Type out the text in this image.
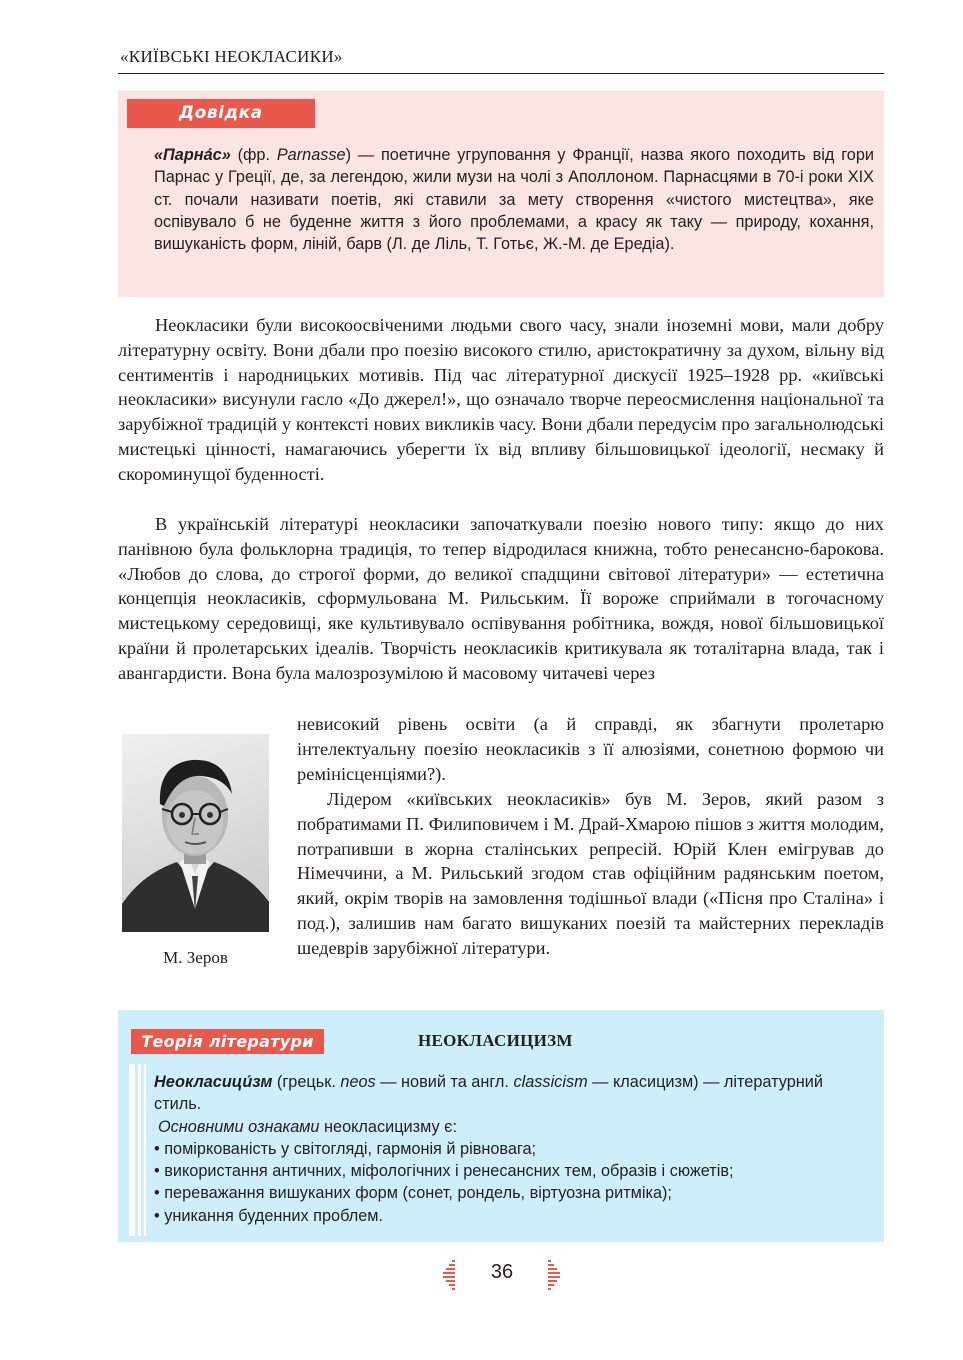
«КИЇВСЬКІ НЕОКЛАСИКИ»
Довідка
«Парна́с» (фр. Parnasse) — поетичне угруповання у Франції, назва якого походить від гори Парнас у Греції, де, за легендою, жили музи на чолі з Аполлоном. Парнасцями в 70-і роки XIX ст. почали називати поетів, які ставили за мету створення «чистого мистецтва», яке оспівувало б не буденне життя з його проблемами, а красу як таку — природу, кохання, вишуканість форм, ліній, барв (Л. де Ліль, Т. Готьє, Ж.-М. де Ередіа).
Неокласики були високоосвіченими людьми свого часу, знали іноземні мови, мали добру літературну освіту. Вони дбали про поезію високого стилю, аристократичну за духом, вільну від сентиментів і народницьких мотивів. Під час літературної дискусії 1925–1928 рр. «київські неокласики» висунули гасло «До джерел!», що означало творче переосмислення національної та зарубіжної традицій у контексті нових викликів часу. Вони дбали передусім про загальнолюдські мистецькі цінності, намагаючись уберегти їх від впливу більшовицької ідеології, несмаку й скороминущої буденності.
В українській літературі неокласики започаткували поезію нового типу: якщо до них панівною була фольклорна традиція, то тепер відродилася книжна, тобто ренесансно-барокова. «Любов до слова, до строгої форми, до великої спадщини світової літератури» — естетична концепція неокласиків, сформульована М. Рильським. Її вороже сприймали в тогочасному мистецькому середовищі, яке культивувало оспівування робітника, вождя, нової більшовицької країни й пролетарських ідеалів. Творчість неокласиків критикувала як тоталітарна влада, так і авангардисти. Вона була малозрозумілою й масовому читачеві через
М. Зеров
невисокий рівень освіти (а й справді, як збагнути пролетарю інтелектуальну поезію неокласиків з її алюзіями, сонетною формою чи ремінісценціями?).
Лідером «київських неокласиків» був М. Зеров, який разом з побратимами П. Филиповичем і М. Драй-Хмарою пішов з життя молодим, потрапивши в жорна сталінських репресій. Юрій Клен емігрував до Німеччини, а М. Рильський згодом став офіційним радянським поетом, який, окрім творів на замовлення тодішньої влади («Пісня про Сталіна» і под.), залишив нам багато вишуканих поезій та майстерних перекладів шедеврів зарубіжної літератури.
Теорія літератури	НЕОКЛАСИЦИЗМ
Неокласици́зм (грецьк. neos — новий та англ. classicism — класицизм) — літературний стиль.
Основними ознаками неокласицизму є:
• поміркованість у світогляді, гармонія й рівновага;
• використання античних, міфологічних і ренесансних тем, образів і сюжетів;
• переважання вишуканих форм (сонет, рондель, віртуозна ритміка);
• уникання буденних проблем.
36
